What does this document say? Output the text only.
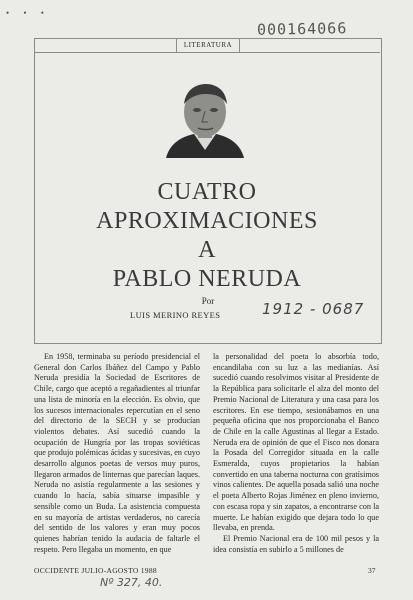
• • •
000164066
LITERATURA
CUATRO
APROXIMACIONES
A
PABLO NERUDA
Por
LUIS MERINO REYES	1912 - 0687

En 1958, terminaba su período presidencial el General don Carlos Ibáñez del Campo y Pablo Neruda presidía la Sociedad de Escritores de Chile, cargo que aceptó a regañadientes al triunfar una lista de minoría en la elección. Es obvio, que los sucesos internacionales repercutían en el seno del directorio de la SECH y se producían violentos debates. Así sucedió cuando la ocupación de Hungría por las tropas soviéticas que produjo polémicas ácidas y sucesivas, en cuyo desarrollo algunos poetas de versos muy puros, llegaron armados de linternas que parecían laques. Neruda no asistía regularmente a las sesiones y cuando lo hacía, sabía situarse impasible y sensible como un Buda. La asistencia compuesta en su mayoría de artistas verdaderos, no carecía del sentido de los valores y eran muy pocos quienes habrían tenido la audacia de faltarle el respeto. Pero llegaba un momento, en que

la personalidad del poeta lo absorbía todo, encandilaba con su luz a las medianías. Así sucedió cuando resolvimos visitar al Presidente de la República para solicitarle el alza del monto del Premio Nacional de Literatura y una casa para los escritores. En ese tiempo, sesionábamos en una pequeña oficina que nos proporcionaba el Banco de Chile en la calle Agustinas al llegar a Estado. Neruda era de opinión de que el Fisco nos donara la Posada del Corregidor situada en la calle Esmeralda, cuyos propietarios la habían convertido en una taberna nocturna con gratísimos vinos calientes. De aquella posada salió una noche el poeta Alberto Rojas Jiménez en pleno invierno, con escasa ropa y sin zapatos, a encontrarse con la muerte. Le habían exigido que dejara todo lo que llevaba, en prenda.

El Premio Nacional era de 100 mil pesos y la idea consistía en subirlo a 5 millones de

OCCIDENTE JULIO-AGOSTO 1988	37
Nº 327, 40.
